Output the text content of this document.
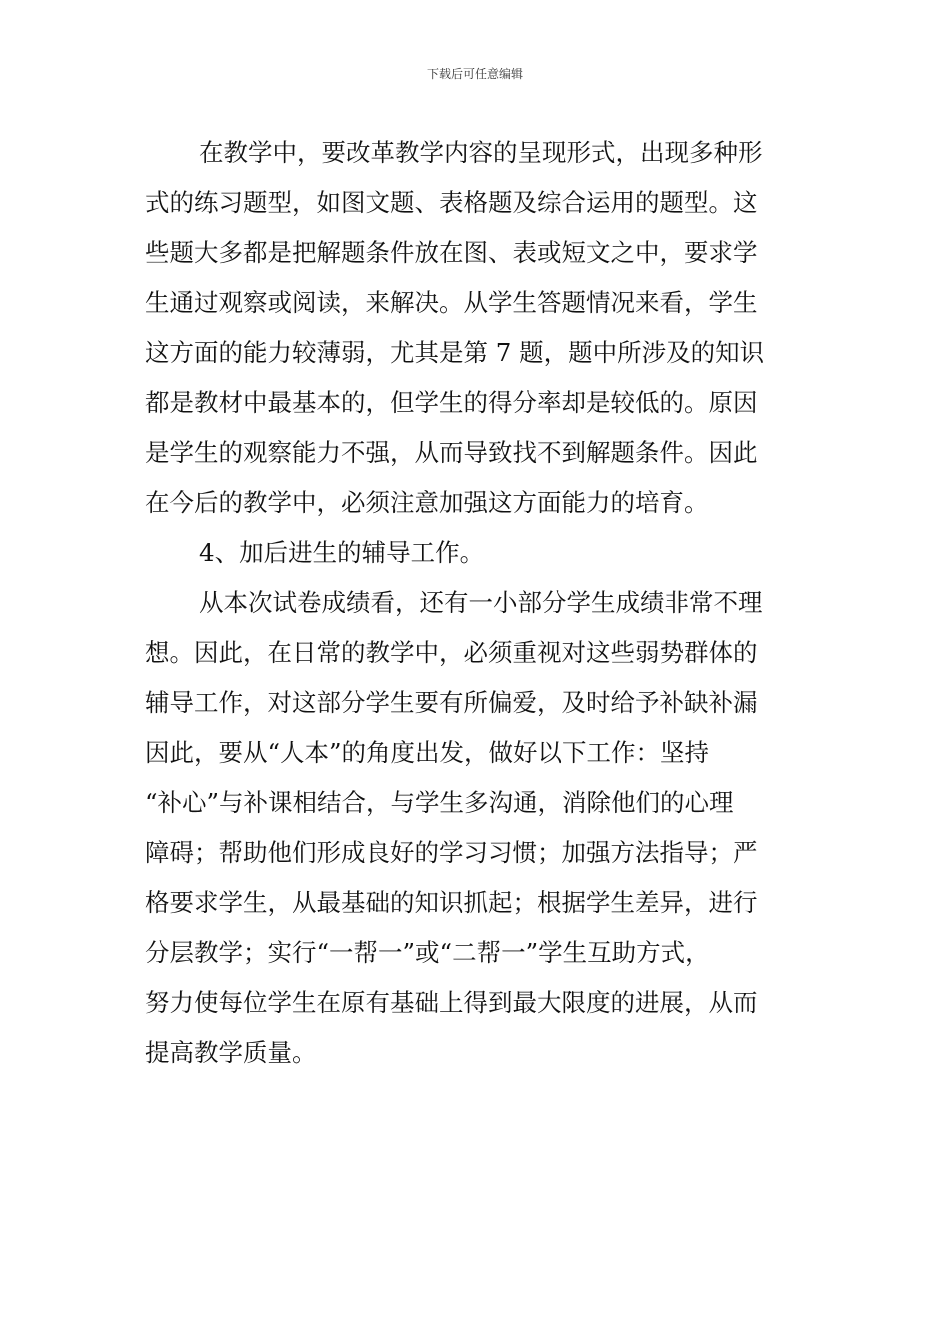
下载后可任意编辑
在教学中，要改革教学内容的呈现形式，出现多种形
式的练习题型，如图文题、表格题及综合运用的题型。这
些题大多都是把解题条件放在图、表或短文之中，要求学
生通过观察或阅读，来解决。从学生答题情况来看，学生
这方面的能力较薄弱，尤其是第 7 题，题中所涉及的知识
都是教材中最基本的，但学生的得分率却是较低的。原因
是学生的观察能力不强，从而导致找不到解题条件。因此
在今后的教学中，必须注意加强这方面能力的培育。
4、加后进生的辅导工作。
从本次试卷成绩看，还有一小部分学生成绩非常不理
想。因此，在日常的教学中，必须重视对这些弱势群体的
辅导工作，对这部分学生要有所偏爱，及时给予补缺补漏
因此，要从“人本”的角度出发，做好以下工作：坚持
“补心”与补课相结合，与学生多沟通，消除他们的心理
障碍；帮助他们形成良好的学习习惯；加强方法指导；严
格要求学生，从最基础的知识抓起；根据学生差异，进行
分层教学；实行“一帮一”或“二帮一”学生互助方式，
努力使每位学生在原有基础上得到最大限度的进展，从而
提高教学质量。
